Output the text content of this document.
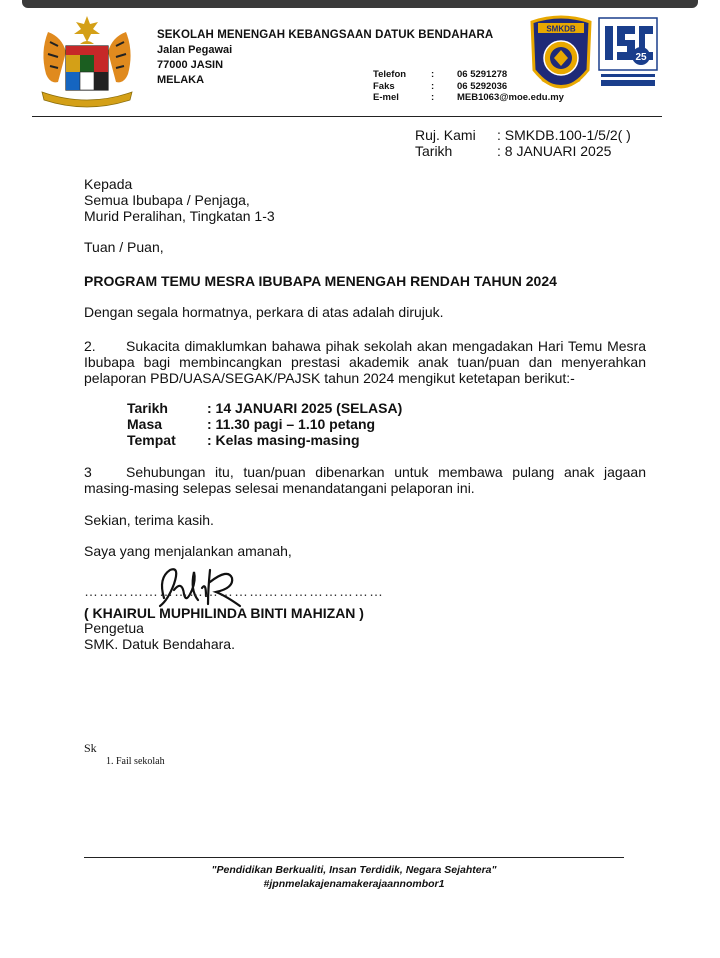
SEKOLAH MENENGAH KEBANGSAAN DATUK BENDAHARA
Jalan Pegawai
77000 JASIN
MELAKA	Telefon	:	06 5291278
Faks	:	06 5292036
E-mel	:	MEB1063@moe.edu.my
SMKDB
25
Ruj. Kami	: SMKDB.100-1/5/2( )
Tarikh	: 8 JANUARI 2025
Kepada
Semua Ibubapa / Penjaga,
Murid Peralihan, Tingkatan 1-3
Tuan / Puan,
PROGRAM TEMU MESRA IBUBAPA MENENGAH RENDAH TAHUN 2024
Dengan segala hormatnya, perkara di atas adalah dirujuk.
2. Sukacita dimaklumkan bahawa pihak sekolah akan mengadakan Hari Temu Mesra Ibubapa bagi membincangkan prestasi akademik anak tuan/puan dan menyerahkan pelaporan PBD/UASA/SEGAK/PAJSK tahun 2024 mengikut ketetapan berikut:-
Tarikh	: 14 JANUARI 2025 (SELASA)
Masa	: 11.30 pagi – 1.10 petang
Tempat	: Kelas masing-masing
3 Sehubungan itu, tuan/puan dibenarkan untuk membawa pulang anak jagaan masing-masing selepas selesai menandatangani pelaporan ini.
Sekian, terima kasih.
Saya yang menjalankan amanah,
……………………………………………………
( KHAIRUL MUPHILINDA BINTI MAHIZAN )
Pengetua
SMK. Datuk Bendahara.
Sk
1. Fail sekolah
"Pendidikan Berkualiti, Insan Terdidik, Negara Sejahtera"
#jpnmelakajenamakerajaannombor1
